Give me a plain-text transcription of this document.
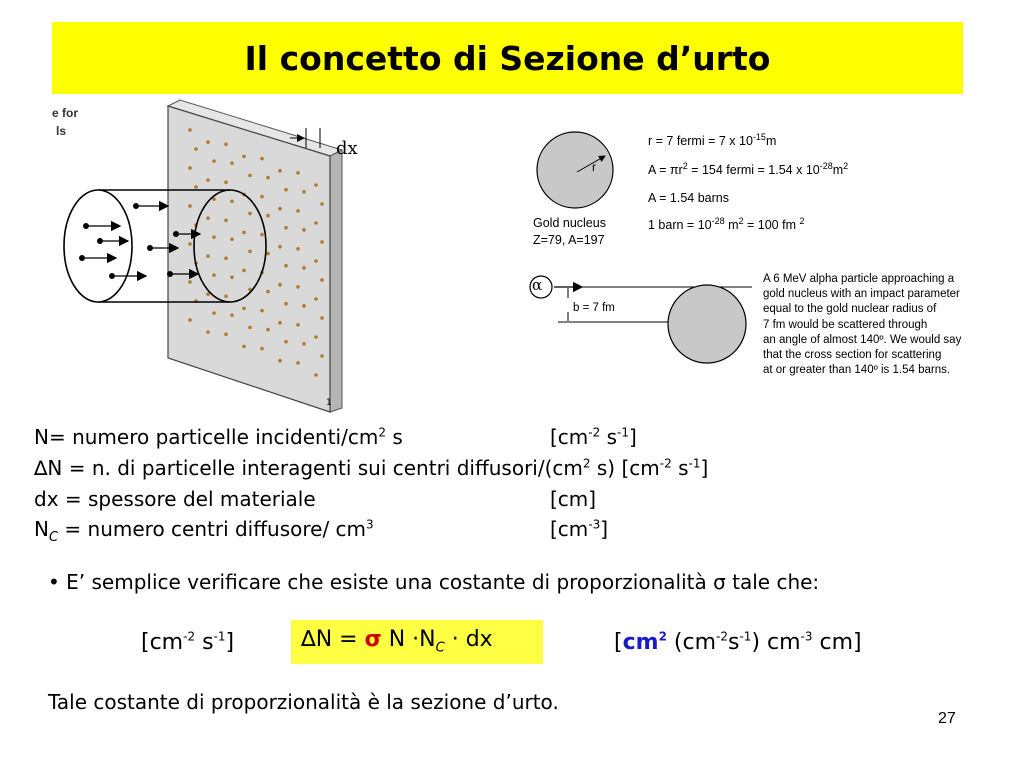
Il concetto di Sezione d’urto
e for
ls
dx
1
r
Gold nucleus
Z=79, A=197
r = 7 fermi = 7 x $10^{-15}m$
$A = \pi r^2 = 154$ fermi = 1.54 x $10^{-28}m^2$
A = 1.54 barns
1 barn = $10^{-28}$ $m^2 = 100$ fm $^2$
α
b = 7 fm
A 6 MeV alpha particle approaching a
gold nucleus with an impact parameter
equal to the gold nuclear radius of
7 fm would be scattered through
an angle of almost 140º. We would say
that the cross section for scattering
at or greater than 140º is 1.54 barns.
N= numero particelle incidenti/$cm^2$ s	[$cm^{-2}$ $s^{-1}$]
∆N = n. di particelle interagenti sui centri diffusori/($cm^2$ s) [$cm^{-2}$ $s^{-1}$]
dx = spessore del materiale	[cm]
$N_C$ = numero centri diffusore/ $cm^3$	$[cm^{-3}]$
• E’ semplice verificare che esiste una costante di proporzionalità σ tale che:
[$cm^{-2}$ $s^{-1}$]	∆N = σ $N \cdot N_C$ · dx	[$cm^2$ $(cm^{-2}s^{-1})$ $cm^{-3}$ cm]
Tale costante di proporzionalità è la sezione d’urto.
27
